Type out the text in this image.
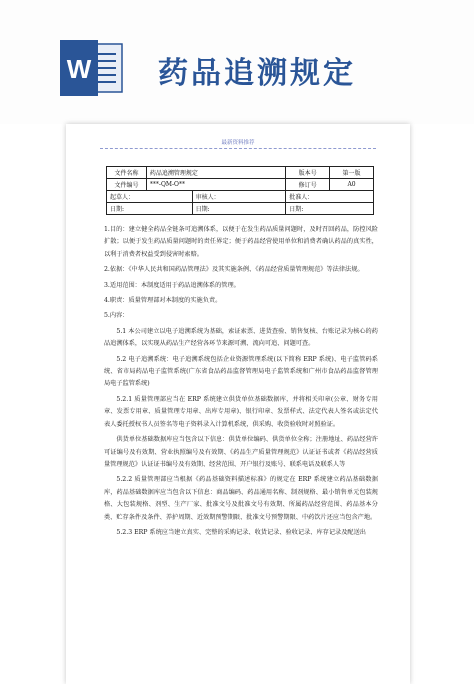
W 药品追溯规定
最新资料推荐
文件名称	药品追溯管理规定		版本号	第一版
文件编号	***-QM-O**		修订号	A0
起草人：		审核人：	批准人：	
日期:		日期:	日期:	

1.目的：建立健全药品全链条可追溯体系，以便于在发生药品质量问题时，及时召回药品，防控风险扩散；以便于发生药品质量问题时的责任界定；便于药品经营使用单位和消费者确认药品的真实性，以利于消费者权益受到侵害时索赔。

2.依据：《中华人民共和国药品管理法》及其实施条例、《药品经营质量管理规范》等法律法规。

3.适用范围：本制度适用于药品追溯体系的管理。

4.职责：质量管理部对本制度的实施负责。

5.内容：

5.1 本公司建立以电子追溯系统为基础，索证索票、进货查验、销售复核、台账记录为核心的药品追溯体系，以实现从药品生产经营各环节来源可溯、流向可追、问题可查。

5.2 电子追溯系统：电子追溯系统包括企业资源管理系统(以下简称 ERP 系统)、电子监管码系统、省市局药品电子监管系统(广东省食品药品监督管理局电子监管系统和广州市食品药品监督管理局电子监管系统)

5.2.1 质量管理部应当在 ERP 系统建立供货单位基础数据库，并将相关印章(公章、财务专用章、发票专用章、质量管理专用章、出库专用章)、银行印章、发票样式、法定代表人签名或法定代表人委托授权书人员签名等电子资料录入计算机系统，供采购、收货验收时对照验证。

供货单位基础数据库应当包含以下信息：供货单位编码、供货单位全称；注册地址、药品经营许可证编号及有效期、营业执照编号及有效期、《药品生产质量管理规范》认证证书或者《药品经营质量管理规范》认证证书编号及有效期、经营范围、开户银行及账号、联系电话及联系人等

5.2.2 质量管理部应当根据《药品基础资料描述标准》的规定在 ERP 系统建立药品基础数据库，药品基础数据库应当包含以下信息：商品编码、药品通用名称、制剂规格、最小销售单元包装规格、大包装规格、剂型、生产厂家、批准文号及批准文号有效期、所属药品经营范围、药品基本分类、贮存条件及条件、养护周期、近效期预警期限、批准文号预警期限、中药饮片还应当包含产地。

5.2.3 ERP 系统应当建立真实、完整的采购记录、收货记录、验收记录、库存记录及配送出
